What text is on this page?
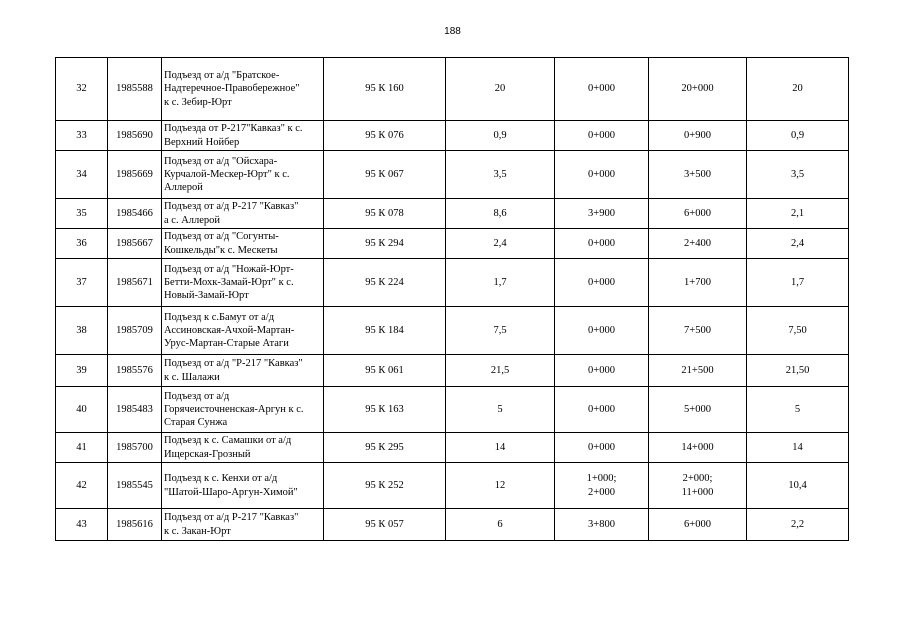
188
32	1985588	Подъезд от а/д "Братское-
Надтеречное-Правобережное"
к с. Зебир-Юрт	95 К 160	20	0+000	20+000	20
33	1985690	Подъезда от Р-217"Кавказ" к с.
Верхний Нойбер	95 К 076	0,9	0+000	0+900	0,9
34	1985669	Подъезд от а/д "Ойсхара-
Курчалой-Мескер-Юрт" к с.
Аллерой	95 К 067	3,5	0+000	3+500	3,5
35	1985466	Подъезд от а/д Р-217 "Кавказ"
а с. Аллерой	95 К 078	8,6	3+900	6+000	2,1
36	1985667	Подъезд от а/д "Согунты-
Кошкельды"к с. Мескеты	95 К 294	2,4	0+000	2+400	2,4
37	1985671	Подъезд от а/д "Ножай-Юрт-
Бетти-Мохк-Замай-Юрт" к с.
Новый-Замай-Юрт	95 К 224	1,7	0+000	1+700	1,7
38	1985709	Подъезд к с.Бамут от а/д
Ассиновская-Ачхой-Мартан-
Урус-Мартан-Старые Атаги	95 К 184	7,5	0+000	7+500	7,50
39	1985576	Подъезд от а/д "Р-217 "Кавказ"
к с. Шалажи	95 К 061	21,5	0+000	21+500	21,50
40	1985483	Подъезд от а/д
Горячеисточненская-Аргун к с.
Старая Сунжа	95 К 163	5	0+000	5+000	5
41	1985700	Подъезд к с. Самашки от а/д
Ищерская-Грозный	95 К 295	14	0+000	14+000	14
42	1985545	Подъезд к с. Кенхи от а/д
"Шатой-Шаро-Аргун-Химой"	95 К 252	12	1+000;
2+000	2+000;
11+000	10,4
43	1985616	Подъезд от а/д Р-217 "Кавказ"
к с. Закан-Юрт	95 К 057	6	3+800	6+000	2,2
